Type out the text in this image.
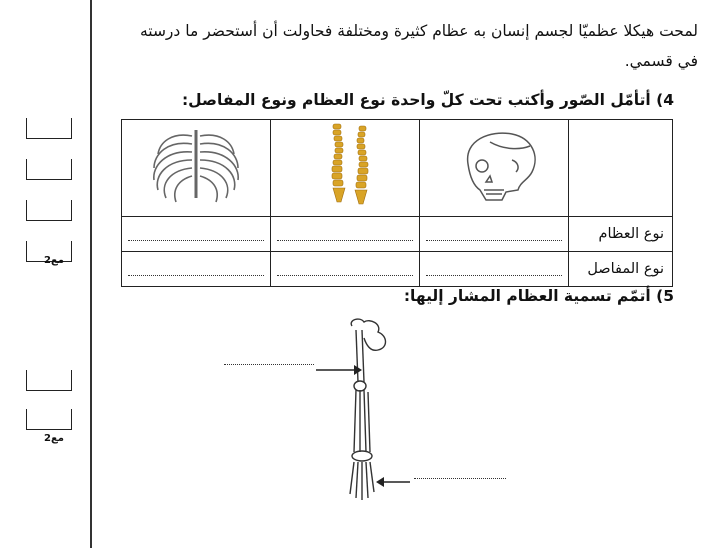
مع2
مع2
لمحت هيكلا عظميّا لجسم إنسان به عظام كثيرة ومختلفة فحاولت أن أستحضر ما درسته
في قسمي.
4) أتأمّل الصّور وأكتب تحت كلّ واحدة نوع العظام ونوع المفاصل:

	نوع العظام

	نوع المفاصل
5) أتمّم تسمية العظام المشار إليها:
